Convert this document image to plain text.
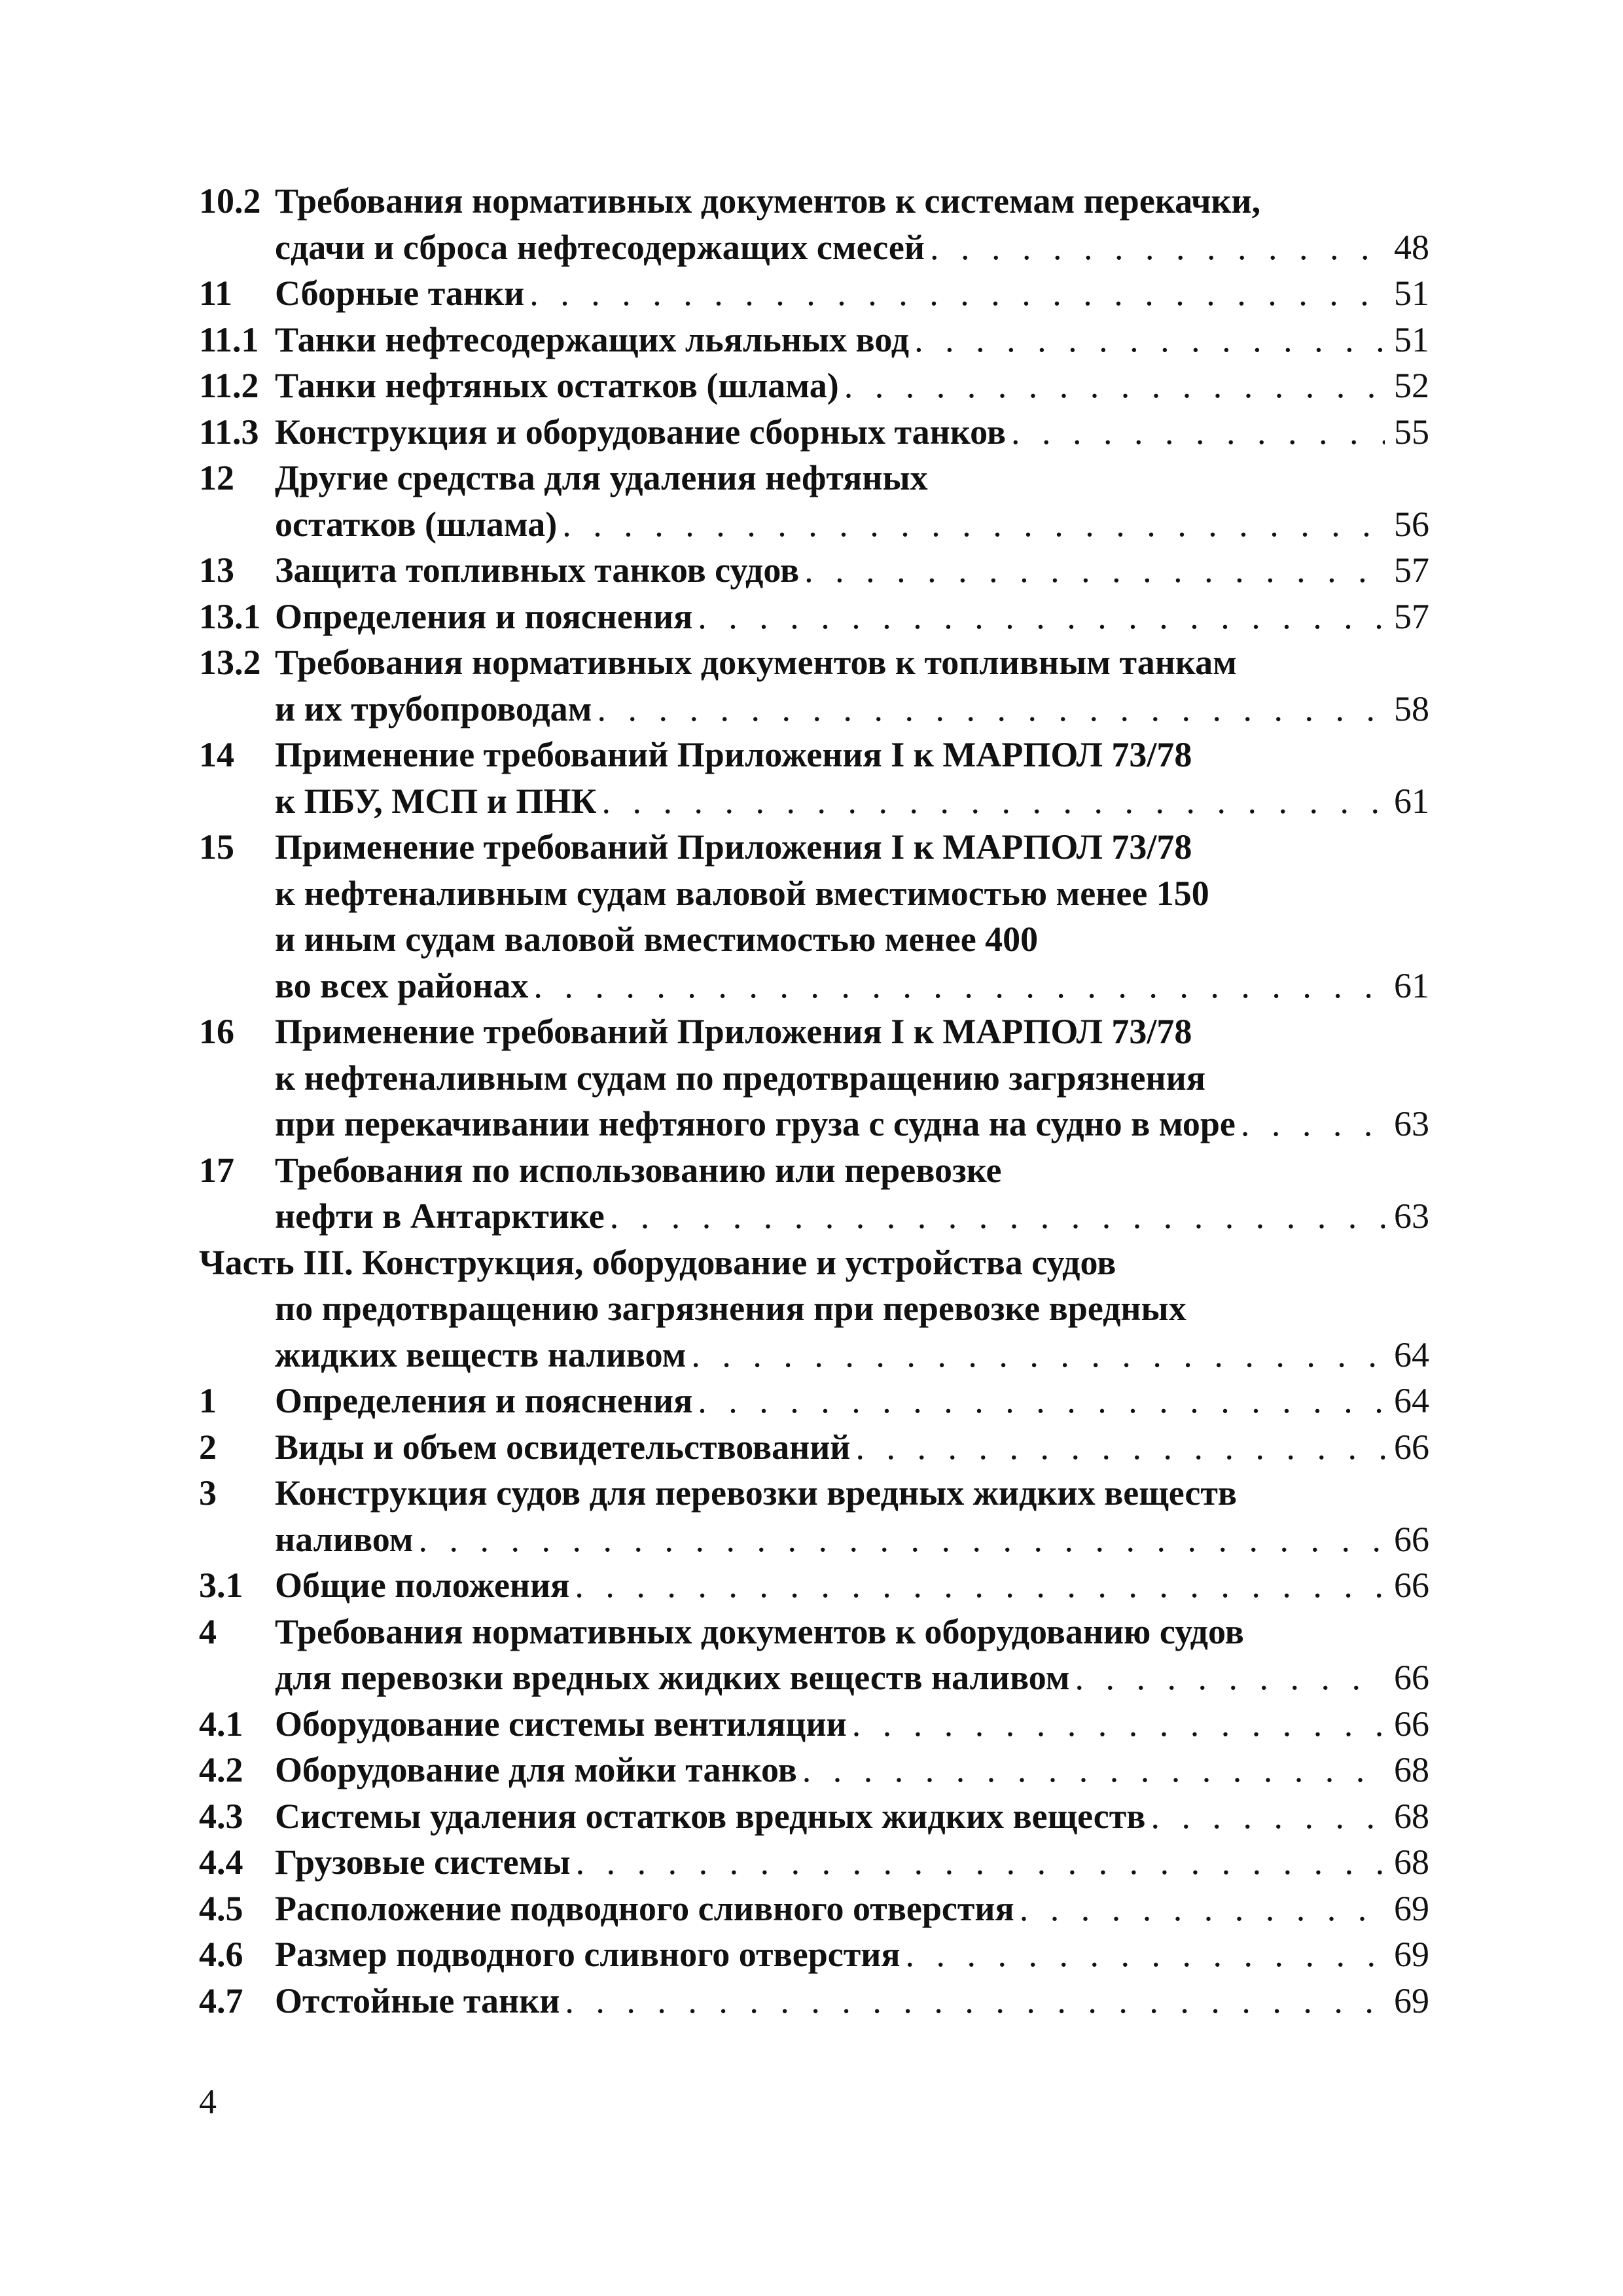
10.2 Требования нормативных документов к системам перекачки,
сдачи и сброса нефтесодержащих смесей . . .	48
11 Сборные танки . . .	51
11.1 Танки нефтесодержащих льяльных вод . . .	51
11.2 Танки нефтяных остатков (шлама) . . .	52
11.3 Конструкция и оборудование сборных танков . . .	55
12 Другие средства для удаления нефтяных
остатков (шлама) . . .	56
13 Защита топливных танков судов . . .	57
13.1 Определения и пояснения . . .	57
13.2 Требования нормативных документов к топливным танкам
и их трубопроводам . . .	58
14 Применение требований Приложения I к МАРПОЛ 73/78
к ПБУ, МСП и ПНК . . .	61
15 Применение требований Приложения I к МАРПОЛ 73/78
к нефтеналивным судам валовой вместимостью менее 150
и иным судам валовой вместимостью менее 400
во всех районах . . .	61
16 Применение требований Приложения I к МАРПОЛ 73/78
к нефтеналивным судам по предотвращению загрязнения
при перекачивании нефтяного груза с судна на судно в море . . .	63
17 Требования по использованию или перевозке
нефти в Антарктике . . .	63
Часть III. Конструкция, оборудование и устройства судов
по предотвращению загрязнения при перевозке вредных
жидких веществ наливом . . .	64
1 Определения и пояснения . . .	64
2 Виды и объем освидетельствований . . .	66
3 Конструкция судов для перевозки вредных жидких веществ
наливом . . .	66
3.1 Общие положения . . .	66
4 Требования нормативных документов к оборудованию судов
для перевозки вредных жидких веществ наливом . . .	66
4.1 Оборудование системы вентиляции . . .	66
4.2 Оборудование для мойки танков . . .	68
4.3 Системы удаления остатков вредных жидких веществ . . .	68
4.4 Грузовые системы . . .	68
4.5 Расположение подводного сливного отверстия . . .	69
4.6 Размер подводного сливного отверстия . . .	69
4.7 Отстойные танки . . .	69
4
